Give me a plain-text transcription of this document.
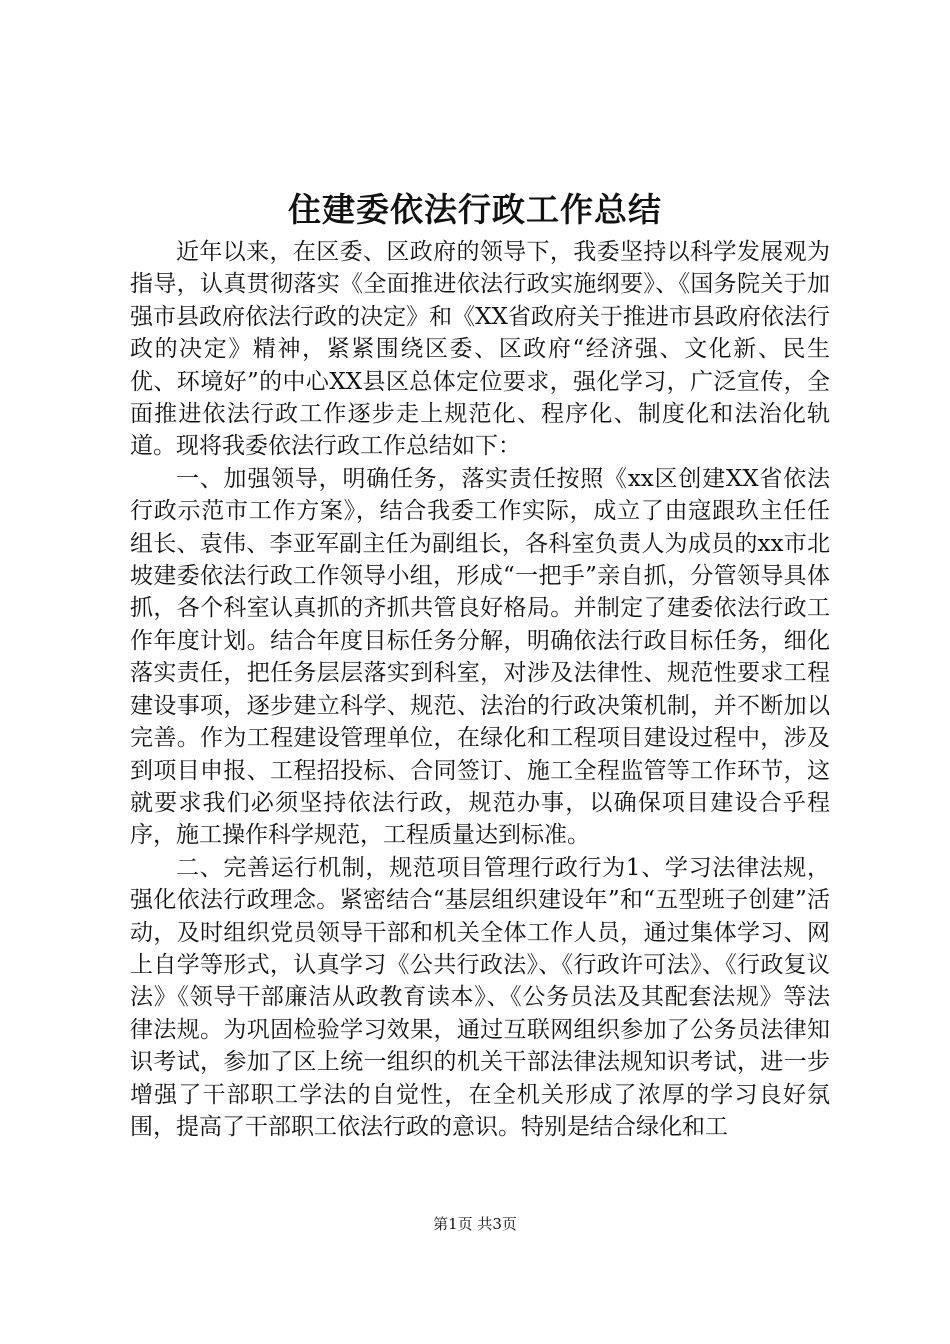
住建委依法行政工作总结

近年以来，在区委、区政府的领导下，我委坚持以科学发展观为指导，认真贯彻落实《全面推进依法行政实施纲要》、《国务院关于加强市县政府依法行政的决定》和《XX省政府关于推进市县政府依法行政的决定》精神，紧紧围绕区委、区政府“经济强、文化新、民生优、环境好”的中心XX县区总体定位要求，强化学习，广泛宣传，全面推进依法行政工作逐步走上规范化、程序化、制度化和法治化轨道。现将我委依法行政工作总结如下：

一、加强领导，明确任务，落实责任按照《xx区创建XX省依法行政示范市工作方案》，结合我委工作实际，成立了由寇跟玖主任任组长、袁伟、李亚军副主任为副组长，各科室负责人为成员的xx市北坡建委依法行政工作领导小组，形成“一把手”亲自抓，分管领导具体抓，各个科室认真抓的齐抓共管良好格局。并制定了建委依法行政工作年度计划。结合年度目标任务分解，明确依法行政目标任务，细化落实责任，把任务层层落实到科室，对涉及法律性、规范性要求工程建设事项，逐步建立科学、规范、法治的行政决策机制，并不断加以完善。作为工程建设管理单位，在绿化和工程项目建设过程中，涉及到项目申报、工程招投标、合同签订、施工全程监管等工作环节，这就要求我们必须坚持依法行政，规范办事，以确保项目建设合乎程序，施工操作科学规范，工程质量达到标准。

二、完善运行机制，规范项目管理行政行为1、学习法律法规，强化依法行政理念。紧密结合“基层组织建设年”和“五型班子创建”活动，及时组织党员领导干部和机关全体工作人员，通过集体学习、网上自学等形式，认真学习《公共行政法》、《行政许可法》、《行政复议法》《领导干部廉洁从政教育读本》、《公务员法及其配套法规》等法律法规。为巩固检验学习效果，通过互联网组织参加了公务员法律知识考试，参加了区上统一组织的机关干部法律法规知识考试，进一步增强了干部职工学法的自觉性，在全机关形成了浓厚的学习良好氛围，提高了干部职工依法行政的意识。特别是结合绿化和工

第1页 共3页
